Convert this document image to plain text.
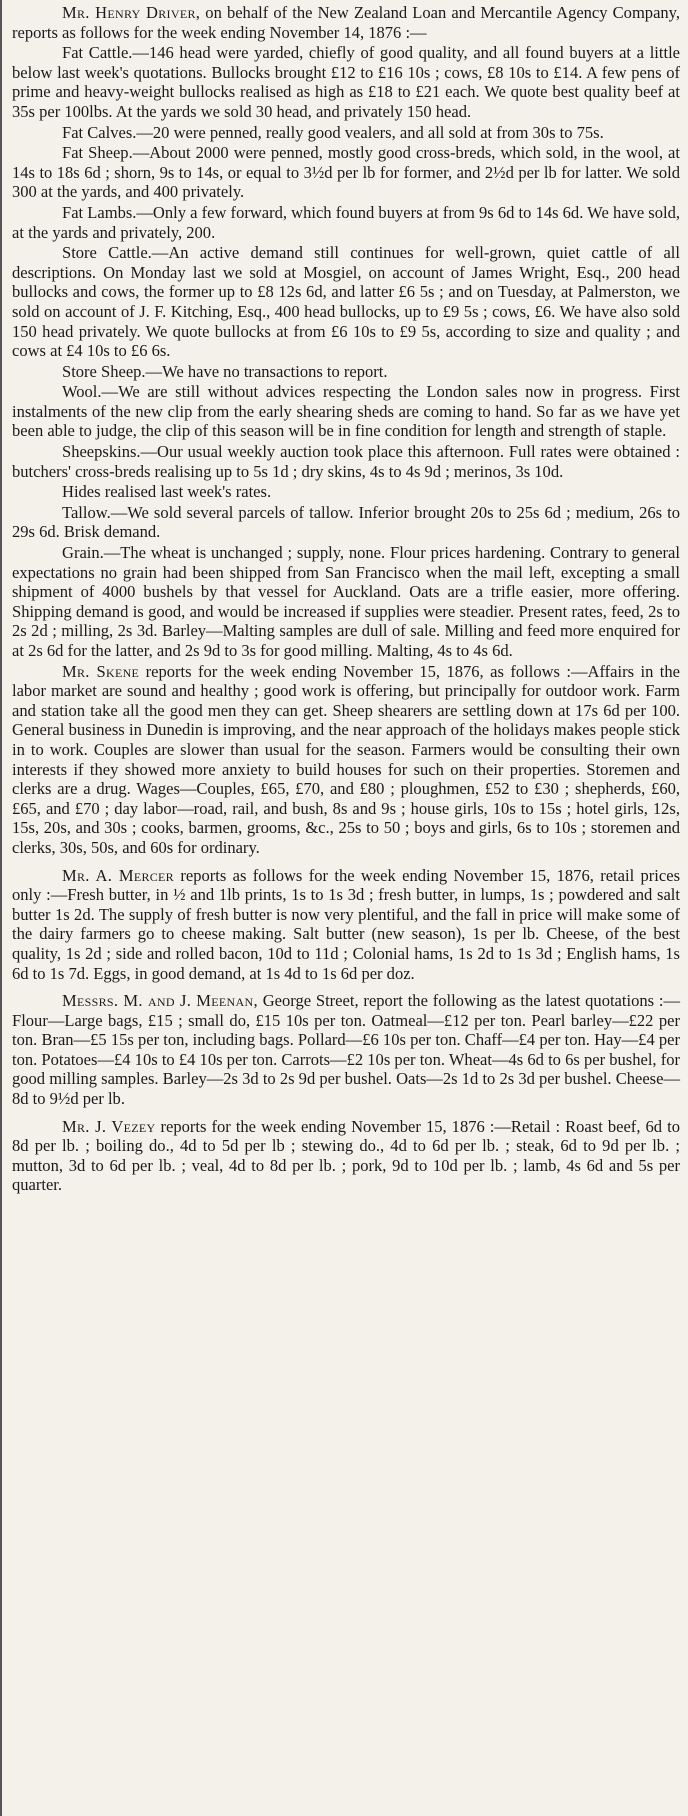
Mr. Henry Driver, on behalf of the New Zealand Loan and Mercantile Agency Company, reports as follows for the week ending November 14, 1876 :—

Fat Cattle.—146 head were yarded, chiefly of good quality, and all found buyers at a little below last week's quotations. Bullocks brought £12 to £16 10s ; cows, £8 10s to £14. A few pens of prime and heavy-weight bullocks realised as high as £18 to £21 each. We quote best quality beef at 35s per 100lbs. At the yards we sold 30 head, and privately 150 head.

Fat Calves.—20 were penned, really good vealers, and all sold at from 30s to 75s.

Fat Sheep.—About 2000 were penned, mostly good cross-breds, which sold, in the wool, at 14s to 18s 6d ; shorn, 9s to 14s, or equal to 3½d per lb for former, and 2½d per lb for latter. We sold 300 at the yards, and 400 privately.

Fat Lambs.—Only a few forward, which found buyers at from 9s 6d to 14s 6d. We have sold, at the yards and privately, 200.

Store Cattle.—An active demand still continues for well-grown, quiet cattle of all descriptions. On Monday last we sold at Mosgiel, on account of James Wright, Esq., 200 head bullocks and cows, the former up to £8 12s 6d, and latter £6 5s ; and on Tuesday, at Palmerston, we sold on account of J. F. Kitching, Esq., 400 head bullocks, up to £9 5s ; cows, £6. We have also sold 150 head privately. We quote bullocks at from £6 10s to £9 5s, according to size and quality ; and cows at £4 10s to £6 6s.

Store Sheep.—We have no transactions to report.

Wool.—We are still without advices respecting the London sales now in progress. First instalments of the new clip from the early shearing sheds are coming to hand. So far as we have yet been able to judge, the clip of this season will be in fine condition for length and strength of staple.

Sheepskins.—Our usual weekly auction took place this afternoon. Full rates were obtained : butchers' cross-breds realising up to 5s 1d ; dry skins, 4s to 4s 9d ; merinos, 3s 10d.

Hides realised last week's rates.

Tallow.—We sold several parcels of tallow. Inferior brought 20s to 25s 6d ; medium, 26s to 29s 6d. Brisk demand.

Grain.—The wheat is unchanged ; supply, none. Flour prices hardening. Contrary to general expectations no grain had been shipped from San Francisco when the mail left, excepting a small shipment of 4000 bushels by that vessel for Auckland. Oats are a trifle easier, more offering. Shipping demand is good, and would be increased if supplies were steadier. Present rates, feed, 2s to 2s 2d ; milling, 2s 3d. Barley—Malting samples are dull of sale. Milling and feed more enquired for at 2s 6d for the latter, and 2s 9d to 3s for good milling. Malting, 4s to 4s 6d.

Mr. Skene reports for the week ending November 15, 1876, as follows :—Affairs in the labor market are sound and healthy ; good work is offering, but principally for outdoor work. Farm and station take all the good men they can get. Sheep shearers are settling down at 17s 6d per 100. General business in Dunedin is improving, and the near approach of the holidays makes people stick in to work. Couples are slower than usual for the season. Farmers would be consulting their own interests if they showed more anxiety to build houses for such on their properties. Storemen and clerks are a drug. Wages—Couples, £65, £70, and £80 ; ploughmen, £52 to £30 ; shepherds, £60, £65, and £70 ; day labor—road, rail, and bush, 8s and 9s ; house girls, 10s to 15s ; hotel girls, 12s, 15s, 20s, and 30s ; cooks, barmen, grooms, &c., 25s to 50 ; boys and girls, 6s to 10s ; storemen and clerks, 30s, 50s, and 60s for ordinary.

Mr. A. Mercer reports as follows for the week ending November 15, 1876, retail prices only :—Fresh butter, in ½ and 1lb prints, 1s to 1s 3d ; fresh butter, in lumps, 1s ; powdered and salt butter 1s 2d. The supply of fresh butter is now very plentiful, and the fall in price will make some of the dairy farmers go to cheese making. Salt butter (new season), 1s per lb. Cheese, of the best quality, 1s 2d ; side and rolled bacon, 10d to 11d ; Colonial hams, 1s 2d to 1s 3d ; English hams, 1s 6d to 1s 7d. Eggs, in good demand, at 1s 4d to 1s 6d per doz.

Messrs. M. and J. Meenan, George Street, report the following as the latest quotations :—Flour—Large bags, £15 ; small do, £15 10s per ton. Oatmeal—£12 per ton. Pearl barley—£22 per ton. Bran—£5 15s per ton, including bags. Pollard—£6 10s per ton. Chaff—£4 per ton. Hay—£4 per ton. Potatoes—£4 10s to £4 10s per ton. Carrots—£2 10s per ton. Wheat—4s 6d to 6s per bushel, for good milling samples. Barley—2s 3d to 2s 9d per bushel. Oats—2s 1d to 2s 3d per bushel. Cheese—8d to 9½d per lb.

Mr. J. Vezey reports for the week ending November 15, 1876 :—Retail : Roast beef, 6d to 8d per lb. ; boiling do., 4d to 5d per lb ; stewing do., 4d to 6d per lb. ; steak, 6d to 9d per lb. ; mutton, 3d to 6d per lb. ; veal, 4d to 8d per lb. ; pork, 9d to 10d per lb. ; lamb, 4s 6d and 5s per quarter.
